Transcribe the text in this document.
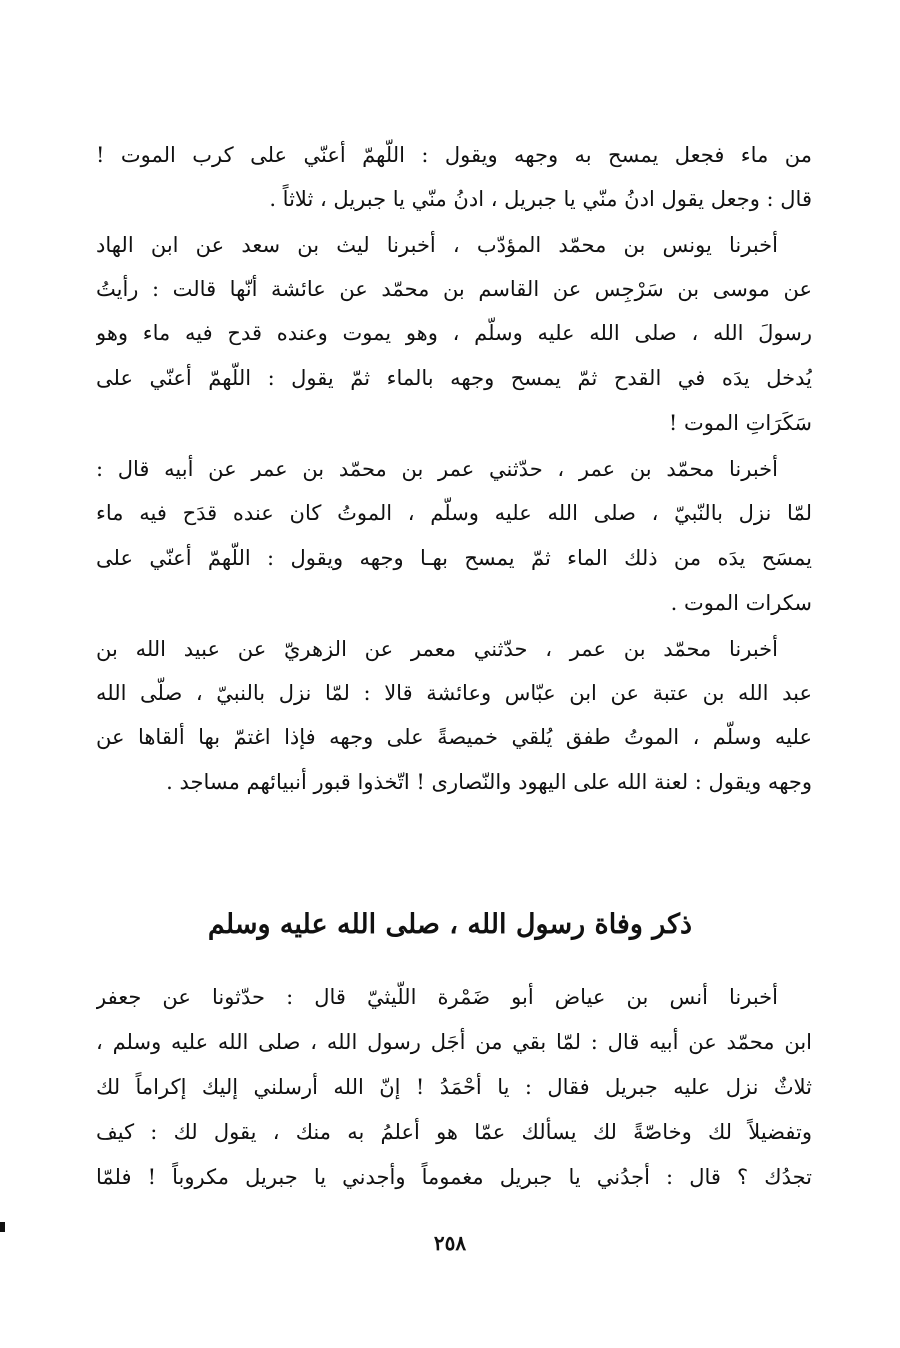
من ماء فجعل يمسح به وجهه ويقول : اللّهمّ أعنّي على كرب الموت !
قال : وجعل يقول ادنُ منّي يا جبريل ، ادنُ منّي يا جبريل ، ثلاثاً .
أخبرنا يونس بن محمّد المؤدّب ، أخبرنا ليث بن سعد عن ابن الهاد
عن موسى بن سَرْجِس عن القاسم بن محمّد عن عائشة أنّها قالت : رأيتُ
رسولَ الله ، صلى الله عليه وسلّم ، وهو يموت وعنده قدح فيه ماء وهو
يُدخل يدَه في القدح ثمّ يمسح وجهه بالماء ثمّ يقول : اللّهمّ أعنّي على
سَكَرَاتِ الموت !
أخبرنا محمّد بن عمر ، حدّثني عمر بن محمّد بن عمر عن أبيه قال :
لمّا نزل بالنّبيّ ، صلى الله عليه وسلّم ، الموتُ كان عنده قدَح فيه ماء
يمسَح يدَه من ذلك الماء ثمّ يمسح بهـا وجهه ويقول : اللّهمّ أعنّي على
سكرات الموت .
أخبرنا محمّد بن عمر ، حدّثني معمر عن الزهريّ عن عبيد الله بن
عبد الله بن عتبة عن ابن عبّاس وعائشة قالا : لمّا نزل بالنبيّ ، صلّى الله
عليه وسلّم ، الموتُ طفق يُلقي خميصةً على وجهه فإذا اغتمّ بها ألقاها عن
وجهه ويقول : لعنة الله على اليهود والنّصارى ! اتّخذوا قبور أنبيائهم مساجد .
ذكر وفاة رسول الله ، صلى الله عليه وسلم
أخبرنا أنس بن عياض أبو ضَمْرة اللّيثيّ قال : حدّثونا عن جعفر
ابن محمّد عن أبيه قال : لمّا بقي من أجَل رسول الله ، صلى الله عليه وسلم ،
ثلاثٌ نزل عليه جبريل فقال : يا أحْمَدُ ! إنّ الله أرسلني إليك إكراماً لك
وتفضيلاً لك وخاصّةً لك يسألك عمّا هو أعلمُ به منك ، يقول لك : كيف
تجدُك ؟ قال : أجدُني يا جبريل مغموماً وأجدني يا جبريل مكروباً ! فلمّا
٢٥٨
